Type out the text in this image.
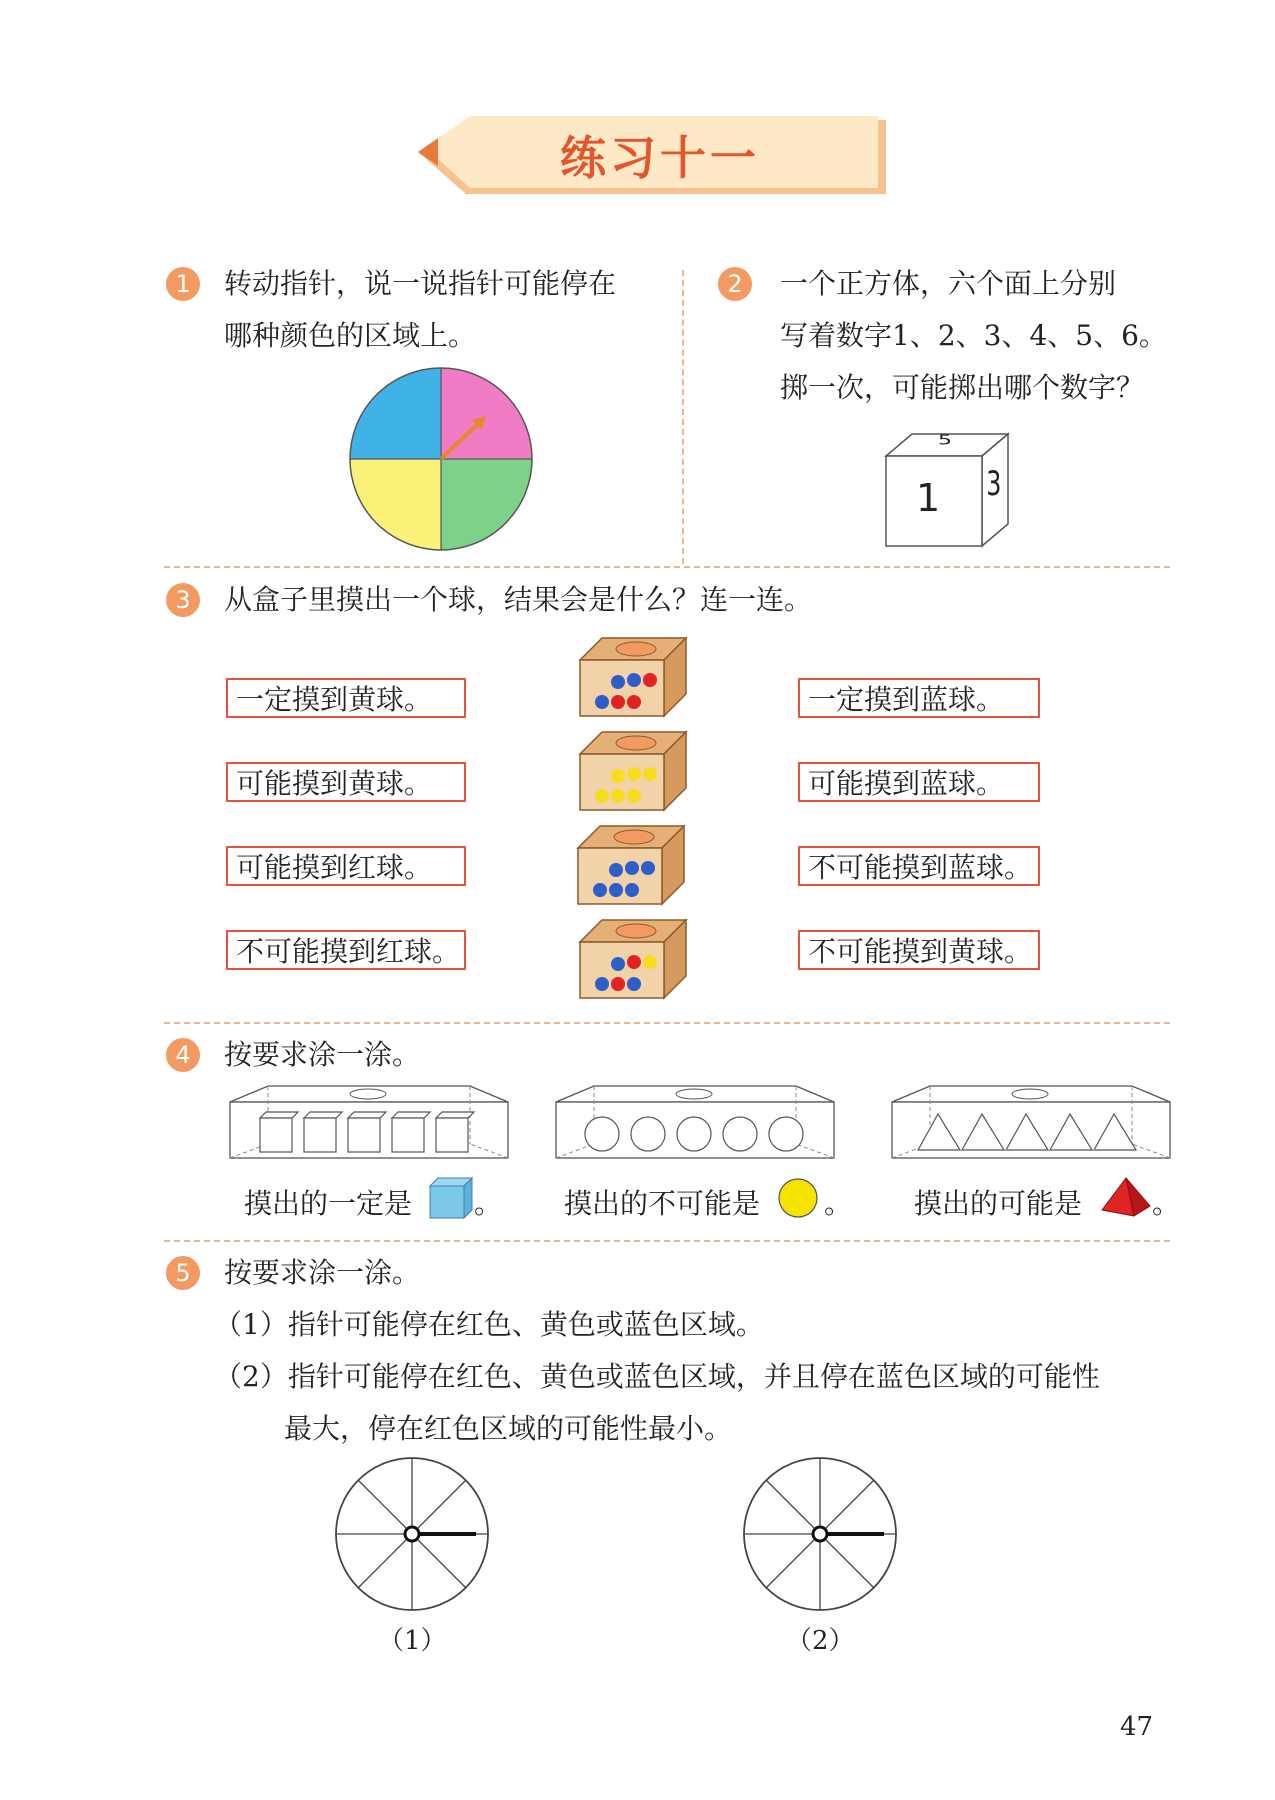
练习十一
1	转动指针，说一说指针可能停在
哪种颜色的区域上。
2	一个正方体，六个面上分别
写着数字1、2、3、4、5、6。
掷一次，可能掷出哪个数字？
1
5
3
3	从盒子里摸出一个球，结果会是什么？连一连。
一定摸到黄球。
可能摸到黄球。
可能摸到红球。
不可能摸到红球。
一定摸到蓝球。
可能摸到蓝球。
不可能摸到蓝球。
不可能摸到黄球。
4	按要求涂一涂。
摸出的一定是 。 摸出的不可能是 。 摸出的可能是 。
5	按要求涂一涂。
（1）指针可能停在红色、黄色或蓝色区域。
（2）指针可能停在红色、黄色或蓝色区域，并且停在蓝色区域的可能性
最大，停在红色区域的可能性最小。
（1）	（2）
47
